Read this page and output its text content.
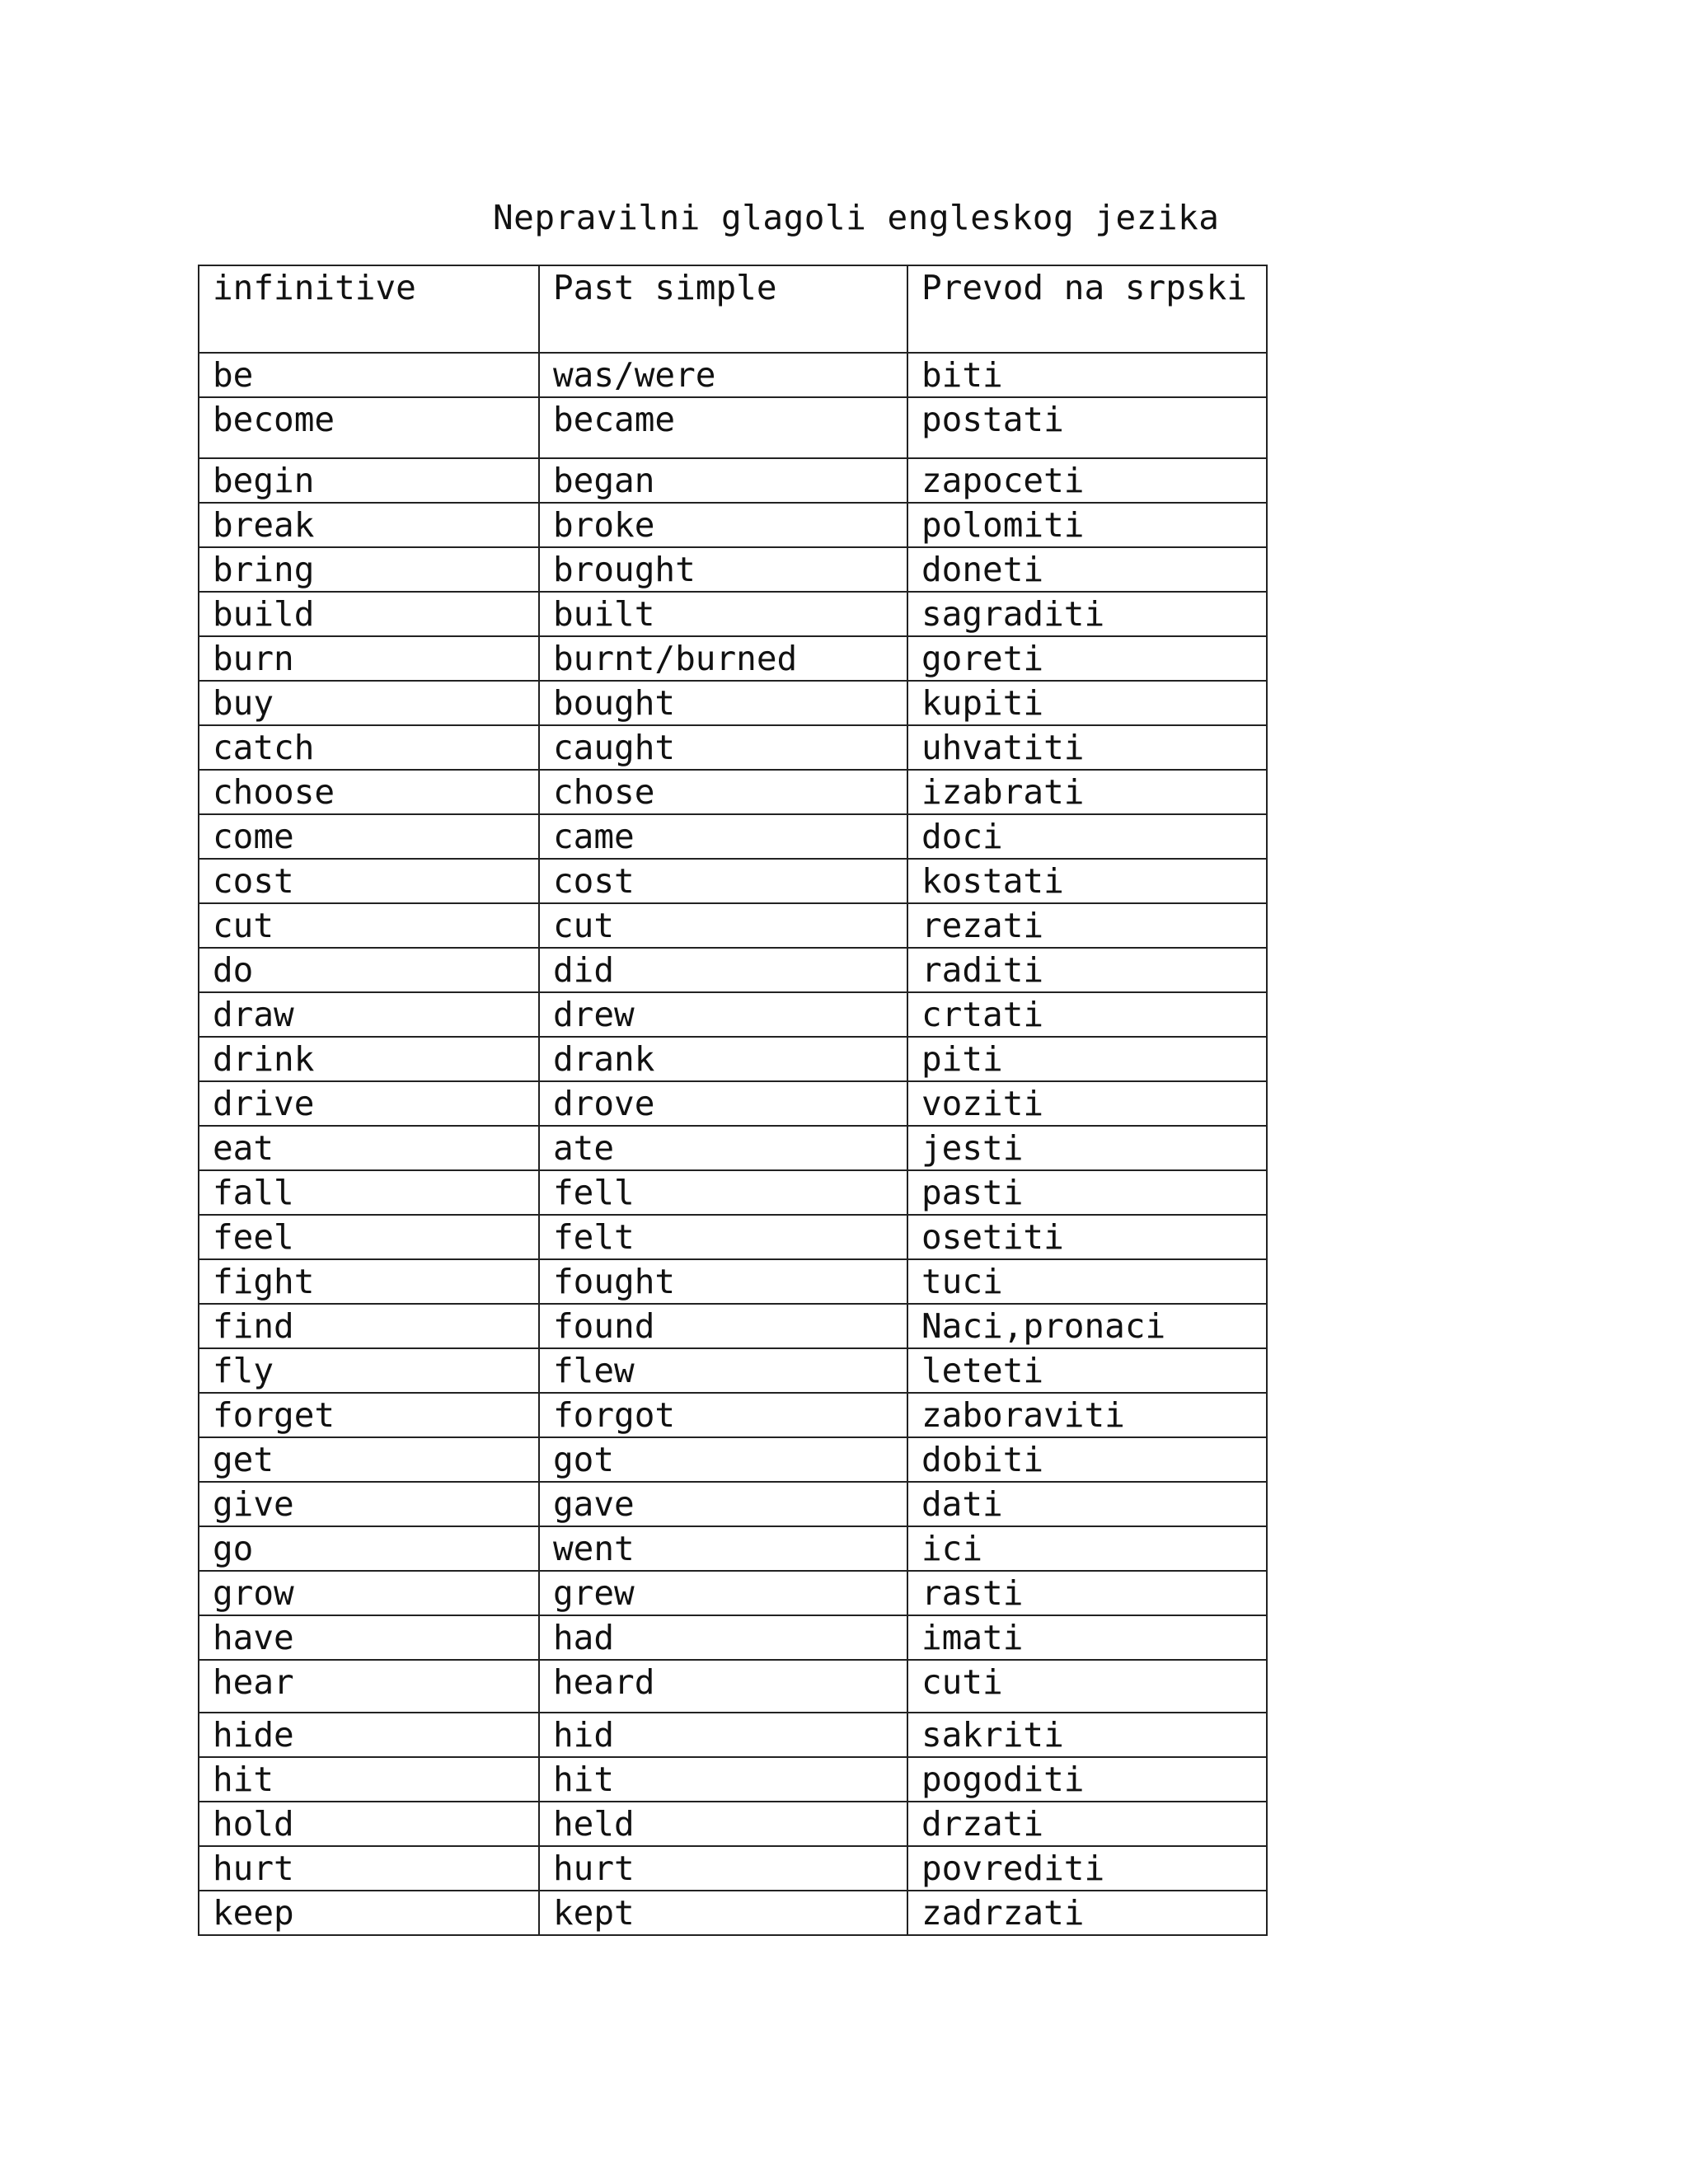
Nepravilni glagoli engleskog jezika
infinitive	Past simple	Prevod na srpski
be	was/were	biti
become	became	postati
begin	began	zapoceti
break	broke	polomiti
bring	brought	doneti
build	built	sagraditi
burn	burnt/burned	goreti
buy	bought	kupiti
catch	caught	uhvatiti
choose	chose	izabrati
come	came	doci
cost	cost	kostati
cut	cut	rezati
do	did	raditi
draw	drew	crtati
drink	drank	piti
drive	drove	voziti
eat	ate	jesti
fall	fell	pasti
feel	felt	osetiti
fight	fought	tuci
find	found	Naci,pronaci
fly	flew	leteti
forget	forgot	zaboraviti
get	got	dobiti
give	gave	dati
go	went	ici
grow	grew	rasti
have	had	imati
hear	heard	cuti
hide	hid	sakriti
hit	hit	pogoditi
hold	held	drzati
hurt	hurt	povrediti
keep	kept	zadrzati
